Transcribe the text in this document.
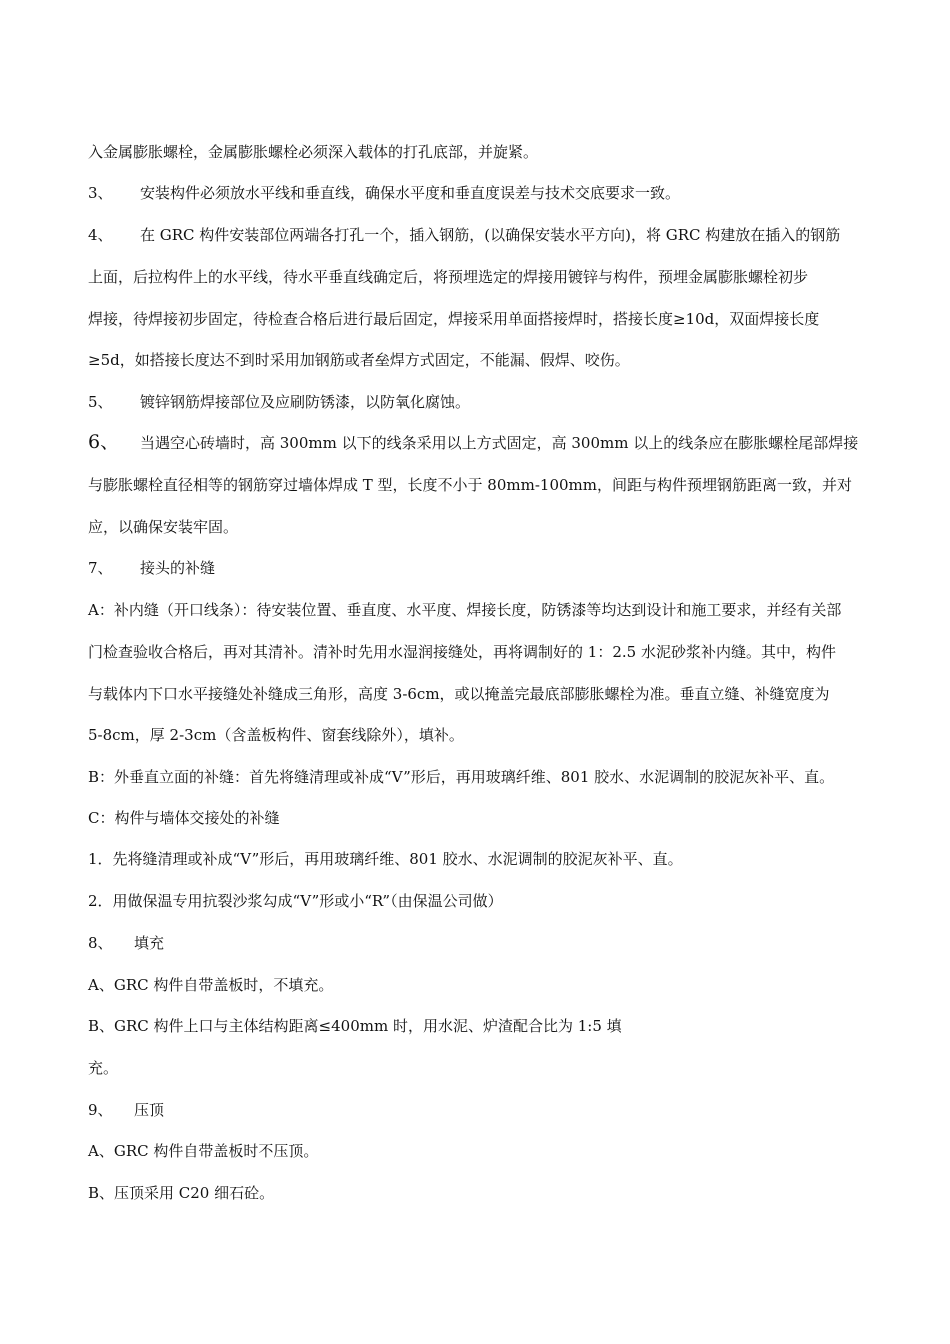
入金属膨胀螺栓，金属膨胀螺栓必须深入载体的打孔底部，并旋紧。
3、 安装构件必须放水平线和垂直线，确保水平度和垂直度误差与技术交底要求一致。
4、 在 GRC 构件安装部位两端各打孔一个，插入钢筋，(以确保安装水平方向)，将 GRC 构建放在插入的钢筋
上面，后拉构件上的水平线，待水平垂直线确定后，将预埋选定的焊接用镀锌与构件，预埋金属膨胀螺栓初步
焊接，待焊接初步固定，待检查合格后进行最后固定，焊接采用单面搭接焊时，搭接长度≥10d，双面焊接长度
≥5d，如搭接长度达不到时采用加钢筋或者垒焊方式固定，不能漏、假焊、咬伤。
5、 镀锌钢筋焊接部位及应刷防锈漆，以防氧化腐蚀。
6、 当遇空心砖墙时，高 300mm 以下的线条采用以上方式固定，高 300mm 以上的线条应在膨胀螺栓尾部焊接
与膨胀螺栓直径相等的钢筋穿过墙体焊成 T 型，长度不小于 80mm-100mm，间距与构件预埋钢筋距离一致，并对
应，以确保安装牢固。
7、 接头的补缝
A：补内缝（开口线条）：待安装位置、垂直度、水平度、焊接长度，防锈漆等均达到设计和施工要求，并经有关部
门检查验收合格后，再对其清补。清补时先用水湿润接缝处，再将调制好的 1：2.5 水泥砂浆补内缝。其中，构件
与载体内下口水平接缝处补缝成三角形，高度 3-6cm，或以掩盖完最底部膨胀螺栓为准。垂直立缝、补缝宽度为
5-8cm，厚 2-3cm（含盖板构件、窗套线除外），填补。
B：外垂直立面的补缝：首先将缝清理或补成“V”形后，再用玻璃纤维、801 胶水、水泥调制的胶泥灰补平、直。
C：构件与墙体交接处的补缝
1．先将缝清理或补成“V”形后，再用玻璃纤维、801 胶水、水泥调制的胶泥灰补平、直。
2．用做保温专用抗裂沙浆勾成“V”形或小“R”（由保温公司做）
8、 填充
A、GRC 构件自带盖板时，不填充。
B、GRC 构件上口与主体结构距离≤400mm 时，用水泥、炉渣配合比为 1:5 填
充。
9、 压顶
A、GRC 构件自带盖板时不压顶。
B、压顶采用 C20 细石砼。
